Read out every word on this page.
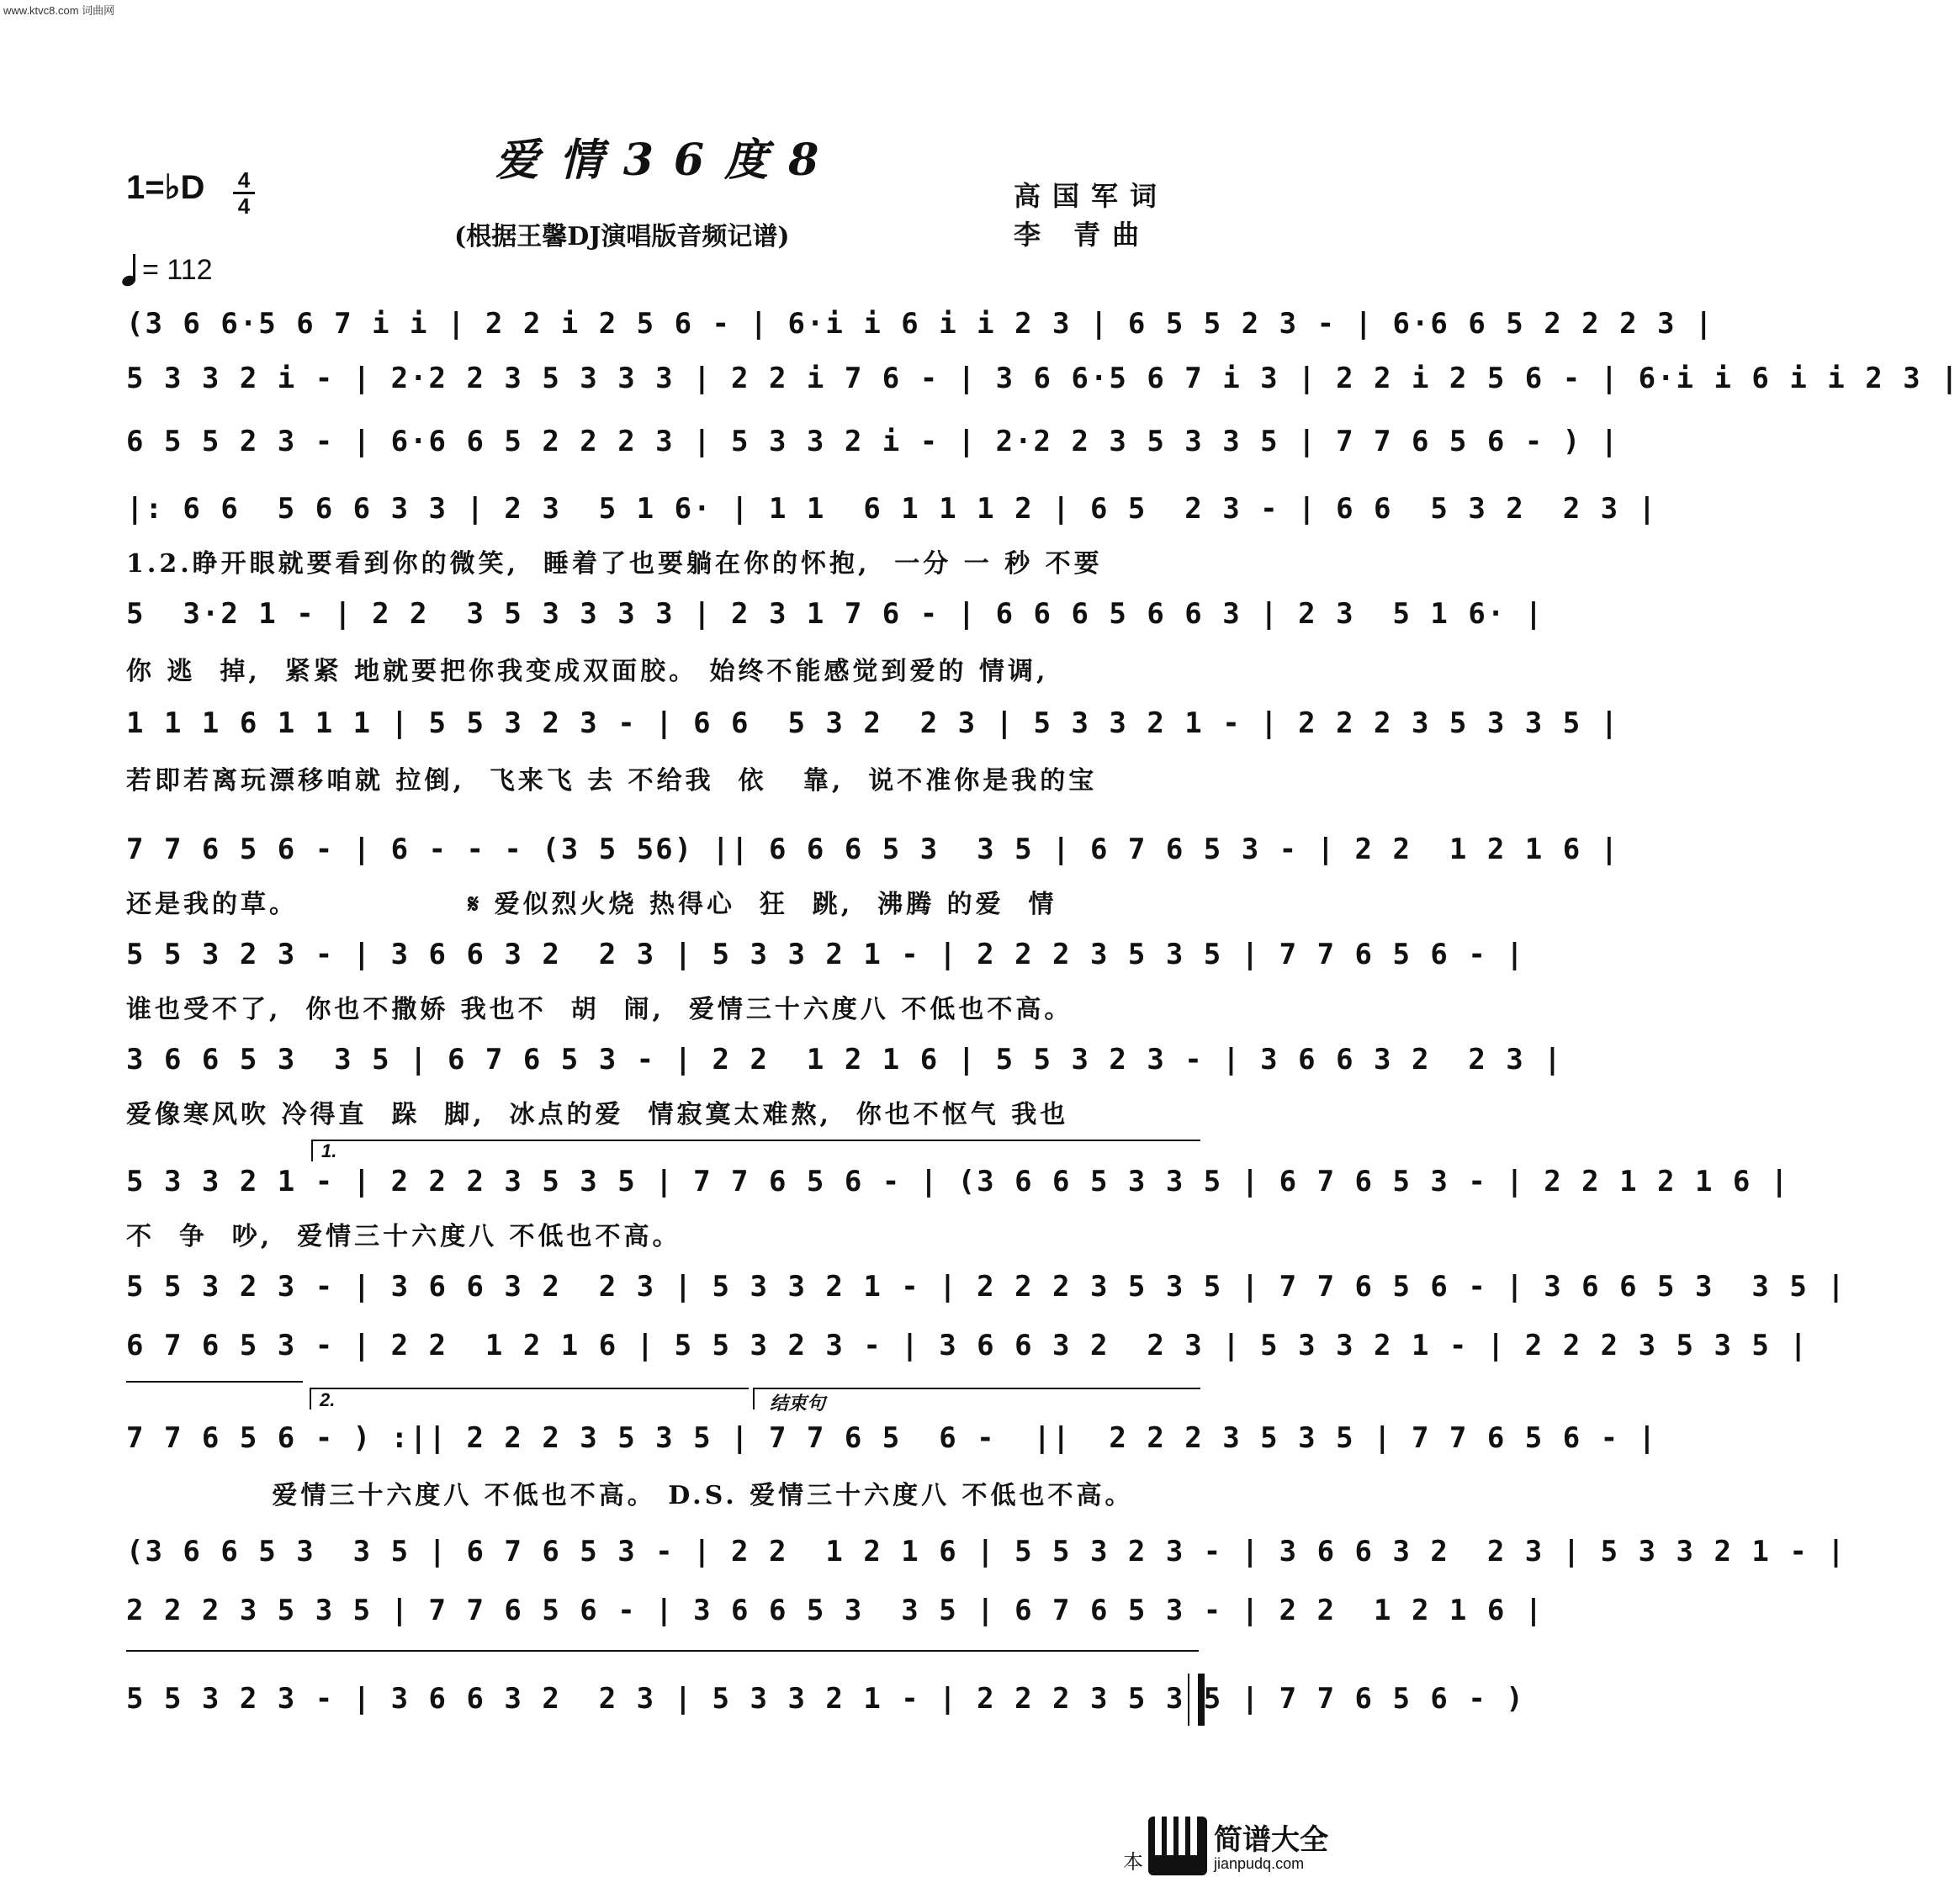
www.ktvc8.com 词曲网
爱情36度8
1=♭D 4
4
(根据王馨DJ演唱版音频记谱)
高国军词
李 青曲
= 112
(3 6 6·5 6 7 i i | 2 2 i 2 5 6 - | 6·i i 6 i i 2 3 | 6 5 5 2 3 - | 6·6 6 5 2 2 2 3 |
5 3 3 2 i - | 2·2 2 3 5 3 3 3 | 2 2 i 7 6 - | 3 6 6·5 6 7 i 3 | 2 2 i 2 5 6 - | 6·i i 6 i i 2 3 |
6 5 5 2 3 - | 6·6 6 5 2 2 2 3 | 5 3 3 2 i - | 2·2 2 3 5 3 3 5 | 7 7 6 5 6 - ) |
|: 6 6  5 6 6 3 3 | 2 3  5 1 6· | 1 1  6 1 1 1 2 | 6 5  2 3 - | 6 6  5 3 2  2 3 |
1.2.睁开眼就要看到你的微笑,  睡着了也要躺在你的怀抱,  一分 一 秒 不要
5  3·2 1 - | 2 2  3 5 3 3 3 3 | 2 3 1 7 6 - | 6 6 6 5 6 6 3 | 2 3  5 1 6· |
你 逃  掉,  紧紧 地就要把你我变成双面胶。 始终不能感觉到爱的 情调,
1 1 1 6 1 1 1 | 5 5 3 2 3 - | 6 6  5 3 2  2 3 | 5 3 3 2 1 - | 2 2 2 3 5 3 3 5 |
若即若离玩漂移咱就 拉倒,  飞来飞 去 不给我  依   靠,  说不准你是我的宝
7 7 6 5 6 - | 6 - - - (3 5 56) || 6 6 6 5 3  3 5 | 6 7 6 5 3 - | 2 2  1 2 1 6 |
还是我的草。              𝄋 爱似烈火烧 热得心  狂  跳,  沸腾 的爱  情
5 5 3 2 3 - | 3 6 6 3 2  2 3 | 5 3 3 2 1 - | 2 2 2 3 5 3 5 | 7 7 6 5 6 - |
谁也受不了,  你也不撒娇 我也不  胡  闹,  爱情三十六度八 不低也不高。
3 6 6 5 3  3 5 | 6 7 6 5 3 - | 2 2  1 2 1 6 | 5 5 3 2 3 - | 3 6 6 3 2  2 3 |
爱像寒风吹 冷得直  跺  脚,  冰点的爱  情寂寞太难熬,  你也不怄气 我也
1.
5 3 3 2 1 - | 2 2 2 3 5 3 5 | 7 7 6 5 6 - | (3 6 6 5 3 3 5 | 6 7 6 5 3 - | 2 2 1 2 1 6 |
不  争  吵,  爱情三十六度八 不低也不高。
5 5 3 2 3 - | 3 6 6 3 2  2 3 | 5 3 3 2 1 - | 2 2 2 3 5 3 5 | 7 7 6 5 6 - | 3 6 6 5 3  3 5 |
6 7 6 5 3 - | 2 2  1 2 1 6 | 5 5 3 2 3 - | 3 6 6 3 2  2 3 | 5 3 3 2 1 - | 2 2 2 3 5 3 5 |
2.	结束句
7 7 6 5 6 - ) :|| 2 2 2 3 5 3 5 | 7 7 6 5  6 -  ||  2 2 2 3 5 3 5 | 7 7 6 5 6 - |
爱情三十六度八 不低也不高。 D.S. 爱情三十六度八 不低也不高。
(3 6 6 5 3  3 5 | 6 7 6 5 3 - | 2 2  1 2 1 6 | 5 5 3 2 3 - | 3 6 6 3 2  2 3 | 5 3 3 2 1 - |
2 2 2 3 5 3 5 | 7 7 6 5 6 - | 3 6 6 5 3  3 5 | 6 7 6 5 3 - | 2 2  1 2 1 6 |
5 5 3 2 3 - | 3 6 6 3 2  2 3 | 5 3 3 2 1 - | 2 2 2 3 5 3 5 | 7 7 6 5 6 - )
本
简谱大全
jianpudq.com
